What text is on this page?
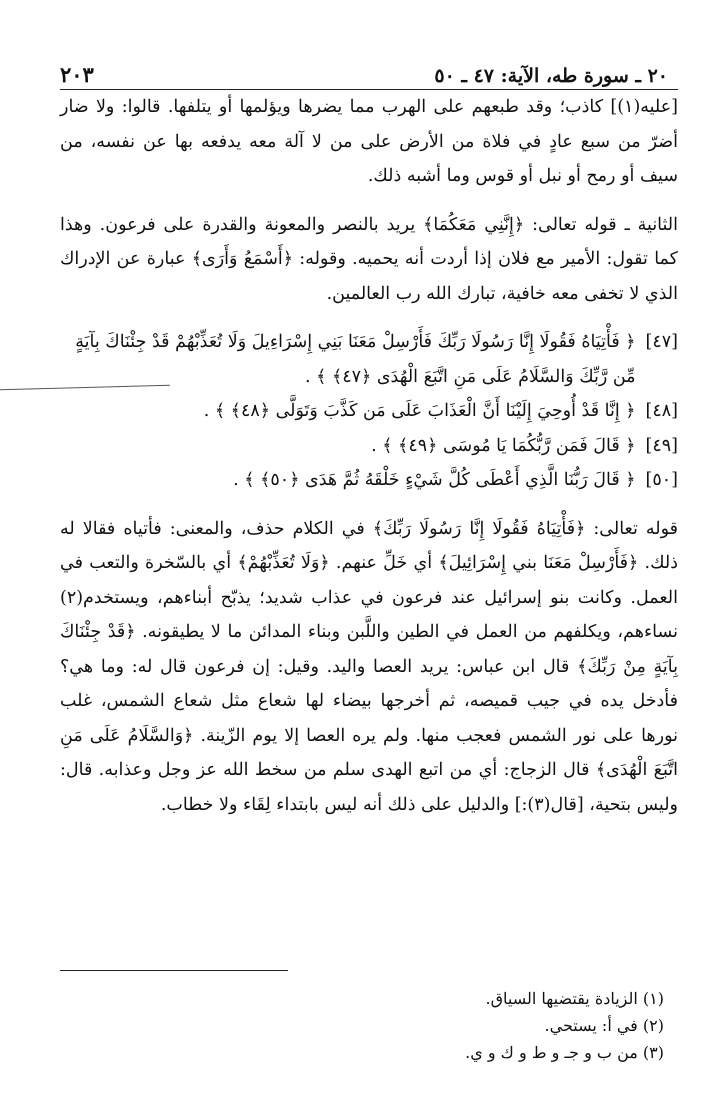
٢٠ ـ سورة طه، الآية: ٤٧ ـ ٥٠
٢٠٣

[عليه(١)] كاذب؛ وقد طبعهم على الهرب مما يضرها ويؤلمها أو يتلفها. قالوا: ولا ضار أضرّ من سبع عادٍ في فلاة من الأرض على من لا آلة معه يدفعه بها عن نفسه، من سيف أو رمح أو نبل أو قوس وما أشبه ذلك.

الثانية ـ قوله تعالى: ﴿إِنَّنِي مَعَكُمَا﴾ يريد بالنصر والمعونة والقدرة على فرعون. وهذا كما تقول: الأمير مع فلان إذا أردت أنه يحميه. وقوله: ﴿أَسْمَعُ وَأَرَى﴾ عبارة عن الإدراك الذي لا تخفى معه خافية، تبارك الله رب العالمين.

[٤٧]
﴿ فَأْتِيَاهُ فَقُولَا إِنَّا رَسُولَا رَبِّكَ فَأَرْسِلْ مَعَنَا بَنِي إِسْرَاءِيلَ وَلَا تُعَذِّبْهُمْ قَدْ جِئْنَاكَ بِآيَةٍ
مِّن رَّبِّكَ وَالسَّلَامُ عَلَى مَنِ اتَّبَعَ الْهُدَى ﴿٤٧﴾ ﴾ .
[٤٨]
﴿ إِنَّا قَدْ أُوحِيَ إِلَيْنَا أَنَّ الْعَذَابَ عَلَى مَن كَذَّبَ وَتَوَلَّى ﴿٤٨﴾ ﴾ .
[٤٩]
﴿ قَالَ فَمَن رَّبُّكُمَا يَا مُوسَى ﴿٤٩﴾ ﴾ .
[٥٠]
﴿ قَالَ رَبُّنَا الَّذِي أَعْطَى كُلَّ شَيْءٍ خَلْقَهُ ثُمَّ هَدَى ﴿٥٠﴾ ﴾ .

قوله تعالى: ﴿فَأْتِيَاهُ فَقُولَا إِنَّا رَسُولَا رَبِّكَ﴾ في الكلام حذف، والمعنى: فأتياه فقالا له ذلك. ﴿فَأَرْسِلْ مَعَنَا بني إِسْرَائِيلَ﴾ أي خَلِّ عنهم. ﴿وَلَا تُعَذِّبْهُمْ﴾ أي بالسّخرة والتعب في العمل. وكانت بنو إسرائيل عند فرعون في عذاب شديد؛ يذبّح أبناءهم، ويستخدم(٢) نساءهم، ويكلفهم من العمل في الطين واللَّبن وبناء المدائن ما لا يطيقونه. ﴿قَدْ جِئْنَاكَ بِآيَةٍ مِنْ رَبِّكَ﴾ قال ابن عباس: يريد العصا واليد. وقيل: إن فرعون قال له: وما هي؟ فأدخل يده في جيب قميصه، ثم أخرجها بيضاء لها شعاع مثل شعاع الشمس، غلب نورها على نور الشمس فعجب منها. ولم يره العصا إلا يوم الزّينة. ﴿وَالسَّلَامُ عَلَى مَنِ اتَّبَعَ الْهُدَى﴾ قال الزجاج: أي من اتبع الهدى سلم من سخط الله عز وجل وعذابه. قال: وليس بتحية، [قال(٣):] والدليل على ذلك أنه ليس بابتداء لِقَاء ولا خطاب.

(١) الزيادة يقتضيها السياق.
(٢) في أ: يستحي.
(٣) من ب و جـ و ط و ك و ي.
